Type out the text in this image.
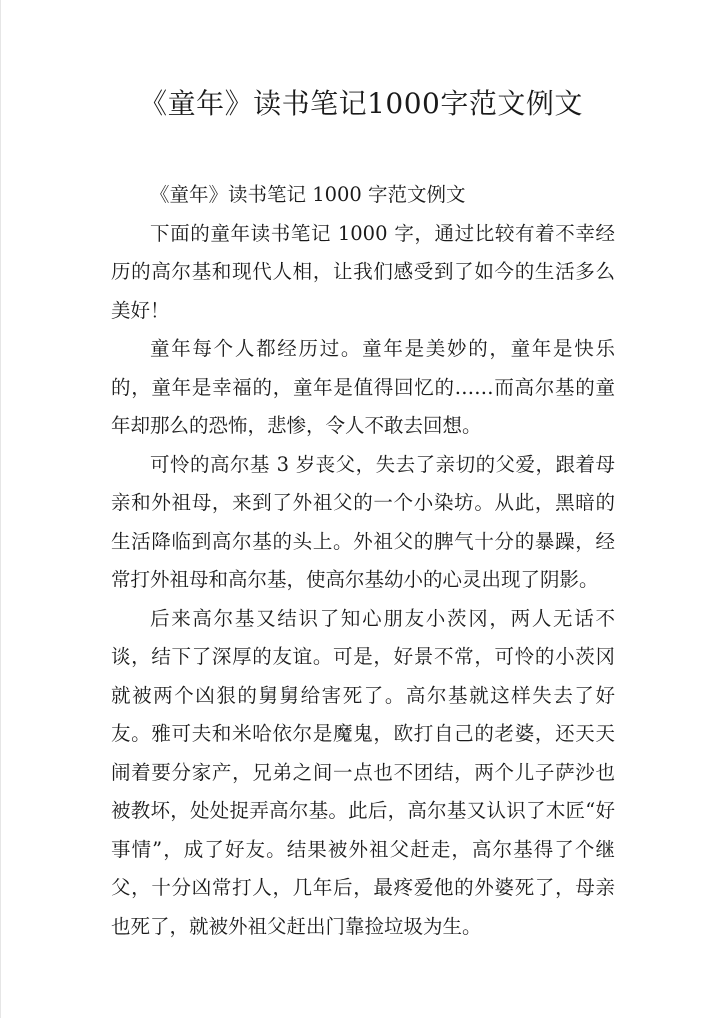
《童年》读书笔记1000字范文例文

《童年》读书笔记 1000 字范文例文

下面的童年读书笔记 1000 字，通过比较有着不幸经历的高尔基和现代人相，让我们感受到了如今的生活多么美好！

童年每个人都经历过。童年是美妙的，童年是快乐的，童年是幸福的，童年是值得回忆的……而高尔基的童年却那么的恐怖，悲惨，令人不敢去回想。

可怜的高尔基 3 岁丧父，失去了亲切的父爱，跟着母亲和外祖母，来到了外祖父的一个小染坊。从此，黑暗的生活降临到高尔基的头上。外祖父的脾气十分的暴躁，经常打外祖母和高尔基，使高尔基幼小的心灵出现了阴影。

后来高尔基又结识了知心朋友小茨冈，两人无话不谈，结下了深厚的友谊。可是，好景不常，可怜的小茨冈就被两个凶狠的舅舅给害死了。高尔基就这样失去了好友。雅可夫和米哈依尔是魔鬼，欧打自己的老婆，还天天闹着要分家产，兄弟之间一点也不团结，两个儿子萨沙也被教坏，处处捉弄高尔基。此后，高尔基又认识了木匠“好事情”，成了好友。结果被外祖父赶走，高尔基得了个继父，十分凶常打人，几年后，最疼爱他的外婆死了，母亲也死了，就被外祖父赶出门靠捡垃圾为生。
